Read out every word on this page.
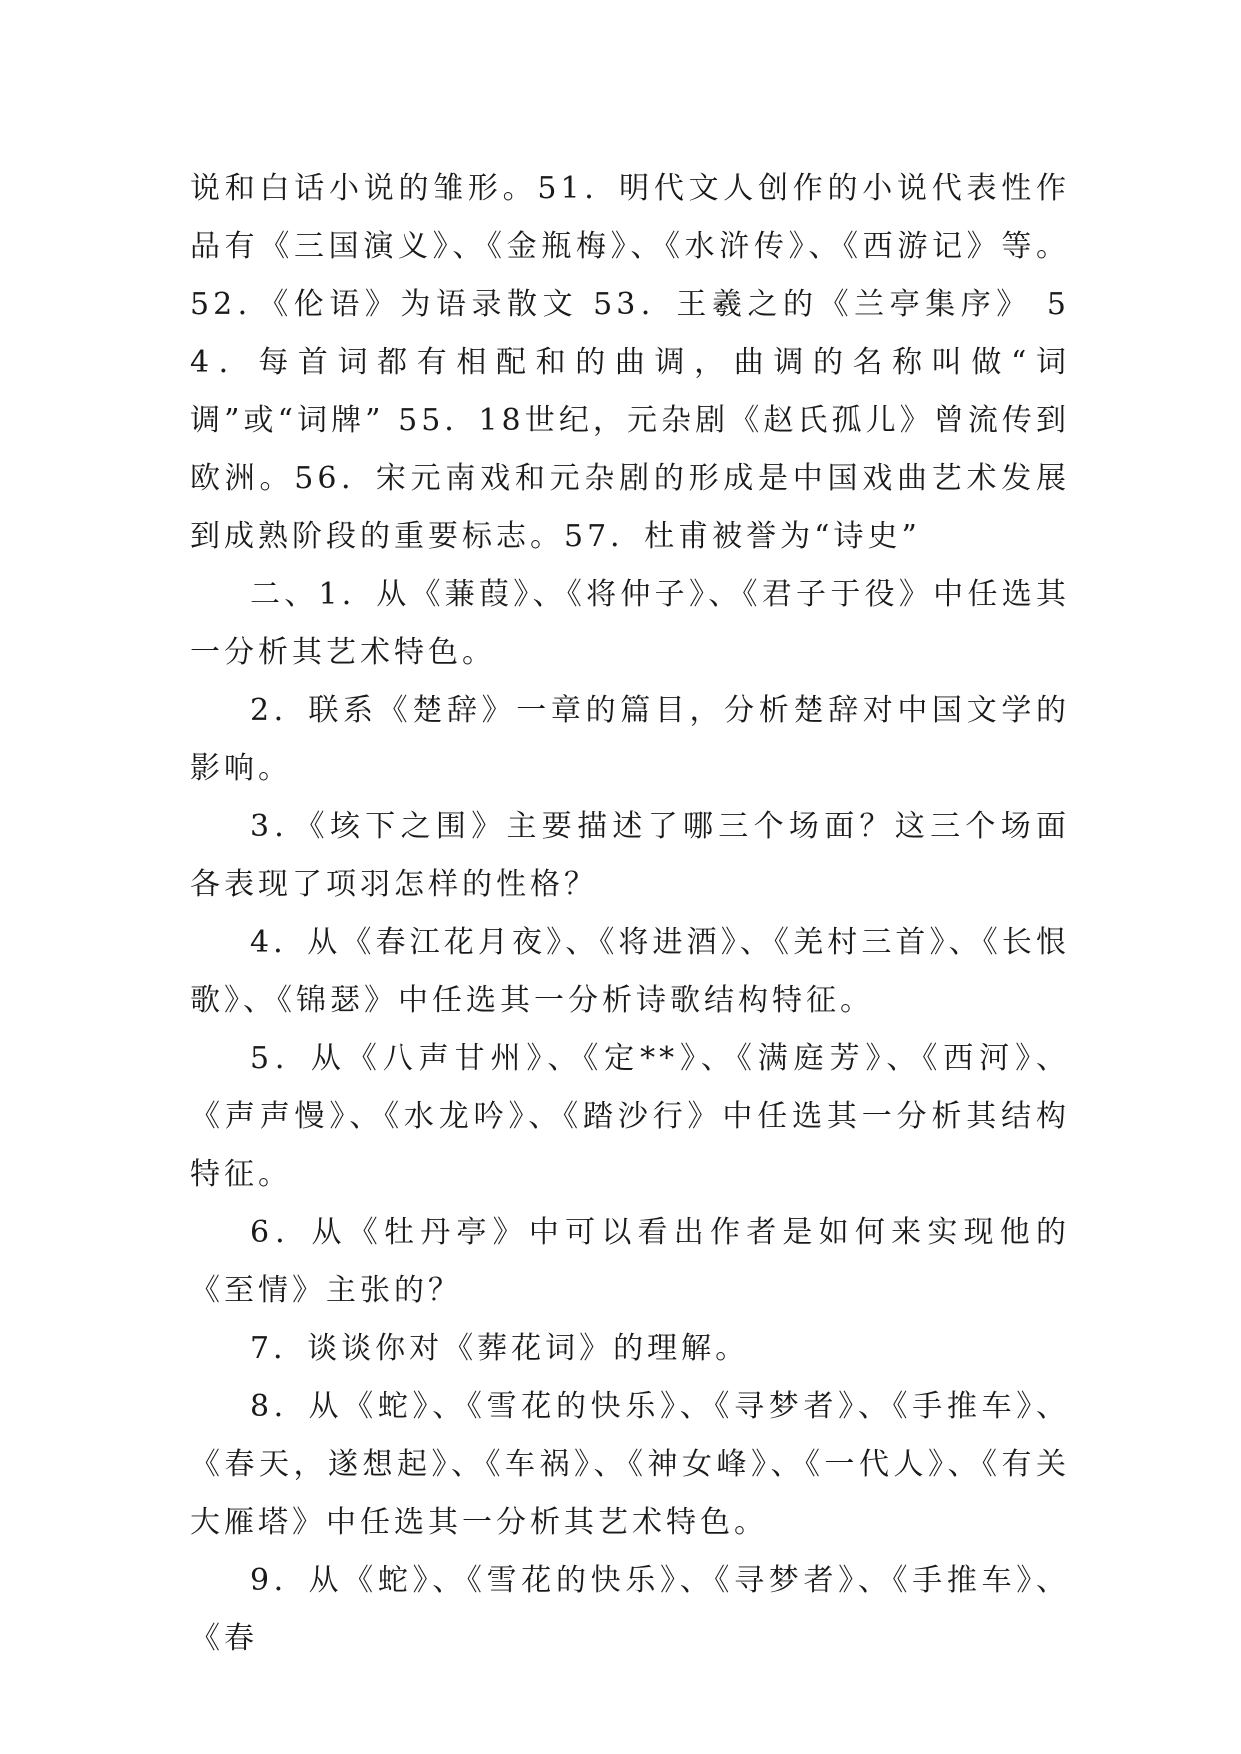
说和白话小说的雏形。51．明代文人创作的小说代表性作品有《三国演义》、《金瓶梅》、《水浒传》、《西游记》等。52．《伦语》为语录散文 53．王羲之的《兰亭集序》 54．每首词都有相配和的曲调，曲调的名称叫做“词调”或“词牌” 55．18世纪，元杂剧《赵氏孤儿》曾流传到欧洲。56．宋元南戏和元杂剧的形成是中国戏曲艺术发展到成熟阶段的重要标志。57．杜甫被誉为“诗史”

二、1．从《蒹葭》、《将仲子》、《君子于役》中任选其一分析其艺术特色。

2．联系《楚辞》一章的篇目，分析楚辞对中国文学的影响。

3．《垓下之围》主要描述了哪三个场面？这三个场面各表现了项羽怎样的性格？

4．从《春江花月夜》、《将进酒》、《羌村三首》、《长恨歌》、《锦瑟》中任选其一分析诗歌结构特征。

5．从《八声甘州》、《定**》、《满庭芳》、《西河》、《声声慢》、《水龙吟》、《踏沙行》中任选其一分析其结构特征。

6．从《牡丹亭》中可以看出作者是如何来实现他的《至情》主张的？

7．谈谈你对《葬花词》的理解。

8．从《蛇》、《雪花的快乐》、《寻梦者》、《手推车》、《春天，遂想起》、《车祸》、《神女峰》、《一代人》、《有关大雁塔》中任选其一分析其艺术特色。

9．从《蛇》、《雪花的快乐》、《寻梦者》、《手推车》、《春
